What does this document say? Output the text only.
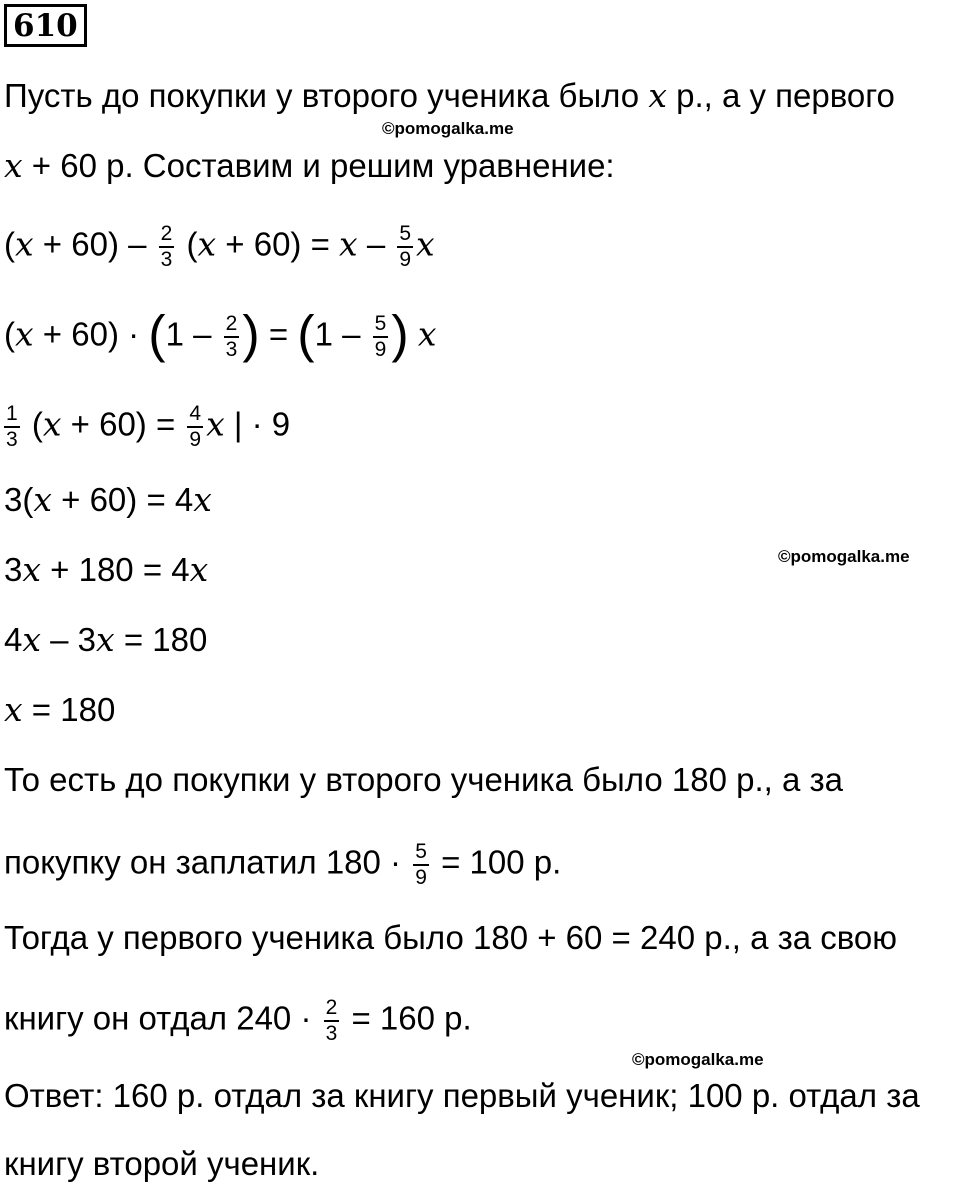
610
Пусть до покупки у второго ученика было x р., а у первого
©pomogalka.me
x + 60 р. Составим и решим уравнение:
$(x + 60) - \frac{2}{3} (x + 60) = x - \frac{5}{9}$ x
$(x + 60) \cdot (1 - \frac{2}{3}$ ) = ($1 - \frac{5}{9}$ ) x
$\frac{1}{3} (x + 60) = \frac{4}{9}$ x | · 9
3(x + 60) = 4x
3x + 180 = 4x	©pomogalka.me
4x – 3x = 180
x = 180
То есть до покупки у второго ученика было 180 р., а за
покупку он заплатил $180 \cdot \frac{5}{9} = 100$ р.
Тогда у первого ученика было 180 + 60 = 240 р., а за свою
книгу он отдал $240 \cdot \frac{2}{3} = 160$ р.
©pomogalka.me
Ответ: 160 р. отдал за книгу первый ученик; 100 р. отдал за
книгу второй ученик.
